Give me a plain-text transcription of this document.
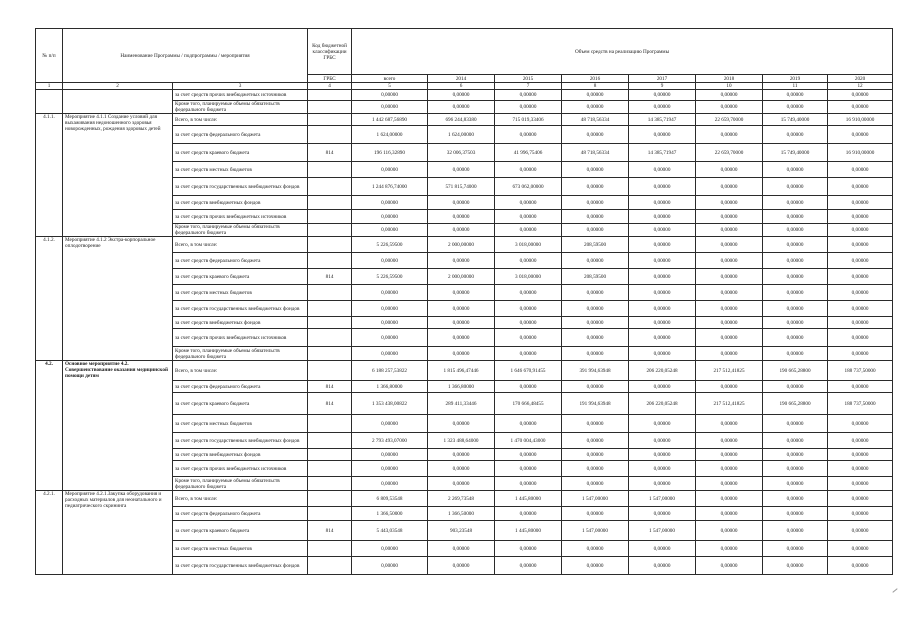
№ п/п	Наименование Программы / подпрограммы / мероприятия		Код бюджетной классификации ГРБС	Объем средств на реализацию Программы							
			ГРБС	всего	2014	2015	2016	2017	2018	2019	2020
1	2	3	4	5	6	7	8	9	10	11	12
		за счет средств прочих внебюджетных источников		0,00000	0,00000	0,00000	0,00000	0,00000	0,00000	0,00000	0,00000
		Кроме того, планируемые объемы обязательств федерального бюджета		0,00000	0,00000	0,00000	0,00000	0,00000	0,00000	0,00000	0,00000
4.1.1.	Мероприятие 4.1.1 Создание условий для выхаживания недоношенного здоровья новорожденных, рождения здоровых детей	Всего, в том числе:		1 442 687,56890	696 244,83380	715 019,33406	48 718,56334	14 385,71947	22 659,70000	15 749,40000	16 910,00000
		за счет средств федерального бюджета		1 624,00000	1 624,00000	0,00000	0,00000	0,00000	0,00000	0,00000	0,00000
		за счет средств краевого бюджета	814	196 116,32890	32 006,37503	41 996,75406	48 718,56334	14 385,71947	22 659,70000	15 749,40000	16 910,00000
		за счет средств местных бюджетов		0,00000	0,00000	0,00000	0,00000	0,00000	0,00000	0,00000	0,00000
		за счет средств государственных внебюджетных фондов		1 244 876,74000	571 815,74000	673 062,00000	0,00000	0,00000	0,00000	0,00000	0,00000
		за счет средств внебюджетных фондов		0,00000	0,00000	0,00000	0,00000	0,00000	0,00000	0,00000	0,00000
		за счет средств прочих внебюджетных источников		0,00000	0,00000	0,00000	0,00000	0,00000	0,00000	0,00000	0,00000
		Кроме того, планируемые объемы обязательств федерального бюджета		0,00000	0,00000	0,00000	0,00000	0,00000	0,00000	0,00000	0,00000
4.1.2.	Мероприятие 4.1.2 Экстра-корпоральное оплодотворение	Всего, в том числе:		5 226,59500	2 000,00000	3 018,00000	208,59500	0,00000	0,00000	0,00000	0,00000
		за счет средств федерального бюджета		0,00000	0,00000	0,00000	0,00000	0,00000	0,00000	0,00000	0,00000
		за счет средств краевого бюджета	814	5 226,59500	2 000,00000	3 018,00000	208,59500	0,00000	0,00000	0,00000	0,00000
		за счет средств местных бюджетов		0,00000	0,00000	0,00000	0,00000	0,00000	0,00000	0,00000	0,00000
		за счет средств государственных внебюджетных фондов		0,00000	0,00000	0,00000	0,00000	0,00000	0,00000	0,00000	0,00000
		за счет средств внебюджетных фондов		0,00000	0,00000	0,00000	0,00000	0,00000	0,00000	0,00000	0,00000
		за счет средств прочих внебюджетных источников		0,00000	0,00000	0,00000	0,00000	0,00000	0,00000	0,00000	0,00000
		Кроме того, планируемые объемы обязательств федерального бюджета		0,00000	0,00000	0,00000	0,00000	0,00000	0,00000	0,00000	0,00000
4.2.	Основное мероприятие 4.2. Совершенствование оказания медицинской помощи детям	Всего, в том числе:		6 188 257,53822	1 815 496,47446	1 646 670,91455	391 994,63948	206 220,05248	217 512,41825	190 665,28800	188 737,50000
		за счет средств федерального бюджета	814	1 366,80000	1 366,80000	0,00000	0,00000	0,00000	0,00000	0,00000	0,00000
		за счет средств краевого бюджета	814	1 353 438,00822	289 411,33446	170 666,48455	191 994,63948	206 220,05248	217 512,41825	190 665,28800	188 737,50000
		за счет средств местных бюджетов		0,00000	0,00000	0,00000	0,00000	0,00000	0,00000	0,00000	0,00000
		за счет средств государственных внебюджетных фондов		2 793 493,07000	1 323 488,64000	1 470 004,43000	0,00000	0,00000	0,00000	0,00000	0,00000
		за счет средств внебюджетных фондов		0,00000	0,00000	0,00000	0,00000	0,00000	0,00000	0,00000	0,00000
		за счет средств прочих внебюджетных источников		0,00000	0,00000	0,00000	0,00000	0,00000	0,00000	0,00000	0,00000
		Кроме того, планируемые объемы обязательств федерального бюджета		0,00000	0,00000	0,00000	0,00000	0,00000	0,00000	0,00000	0,00000
4.2.1.	Мероприятие 4.2.1.Закупка оборудования и расходных материалов для неонатального и педиатрического скрининга	Всего, в том числе:		6 809,53548	2 269,73548	1 445,80000	1 547,00000	1 547,00000	0,00000	0,00000	0,00000
		за счет средств федерального бюджета		1 366,50000	1 366,50000	0,00000	0,00000	0,00000	0,00000	0,00000	0,00000
		за счет средств краевого бюджета	814	5 443,03548	903,23548	1 445,80000	1 547,00000	1 547,00000	0,00000	0,00000	0,00000
		за счет средств местных бюджетов		0,00000	0,00000	0,00000	0,00000	0,00000	0,00000	0,00000	0,00000
		за счет средств государственных внебюджетных фондов		0,00000	0,00000	0,00000	0,00000	0,00000	0,00000	0,00000	0,00000
